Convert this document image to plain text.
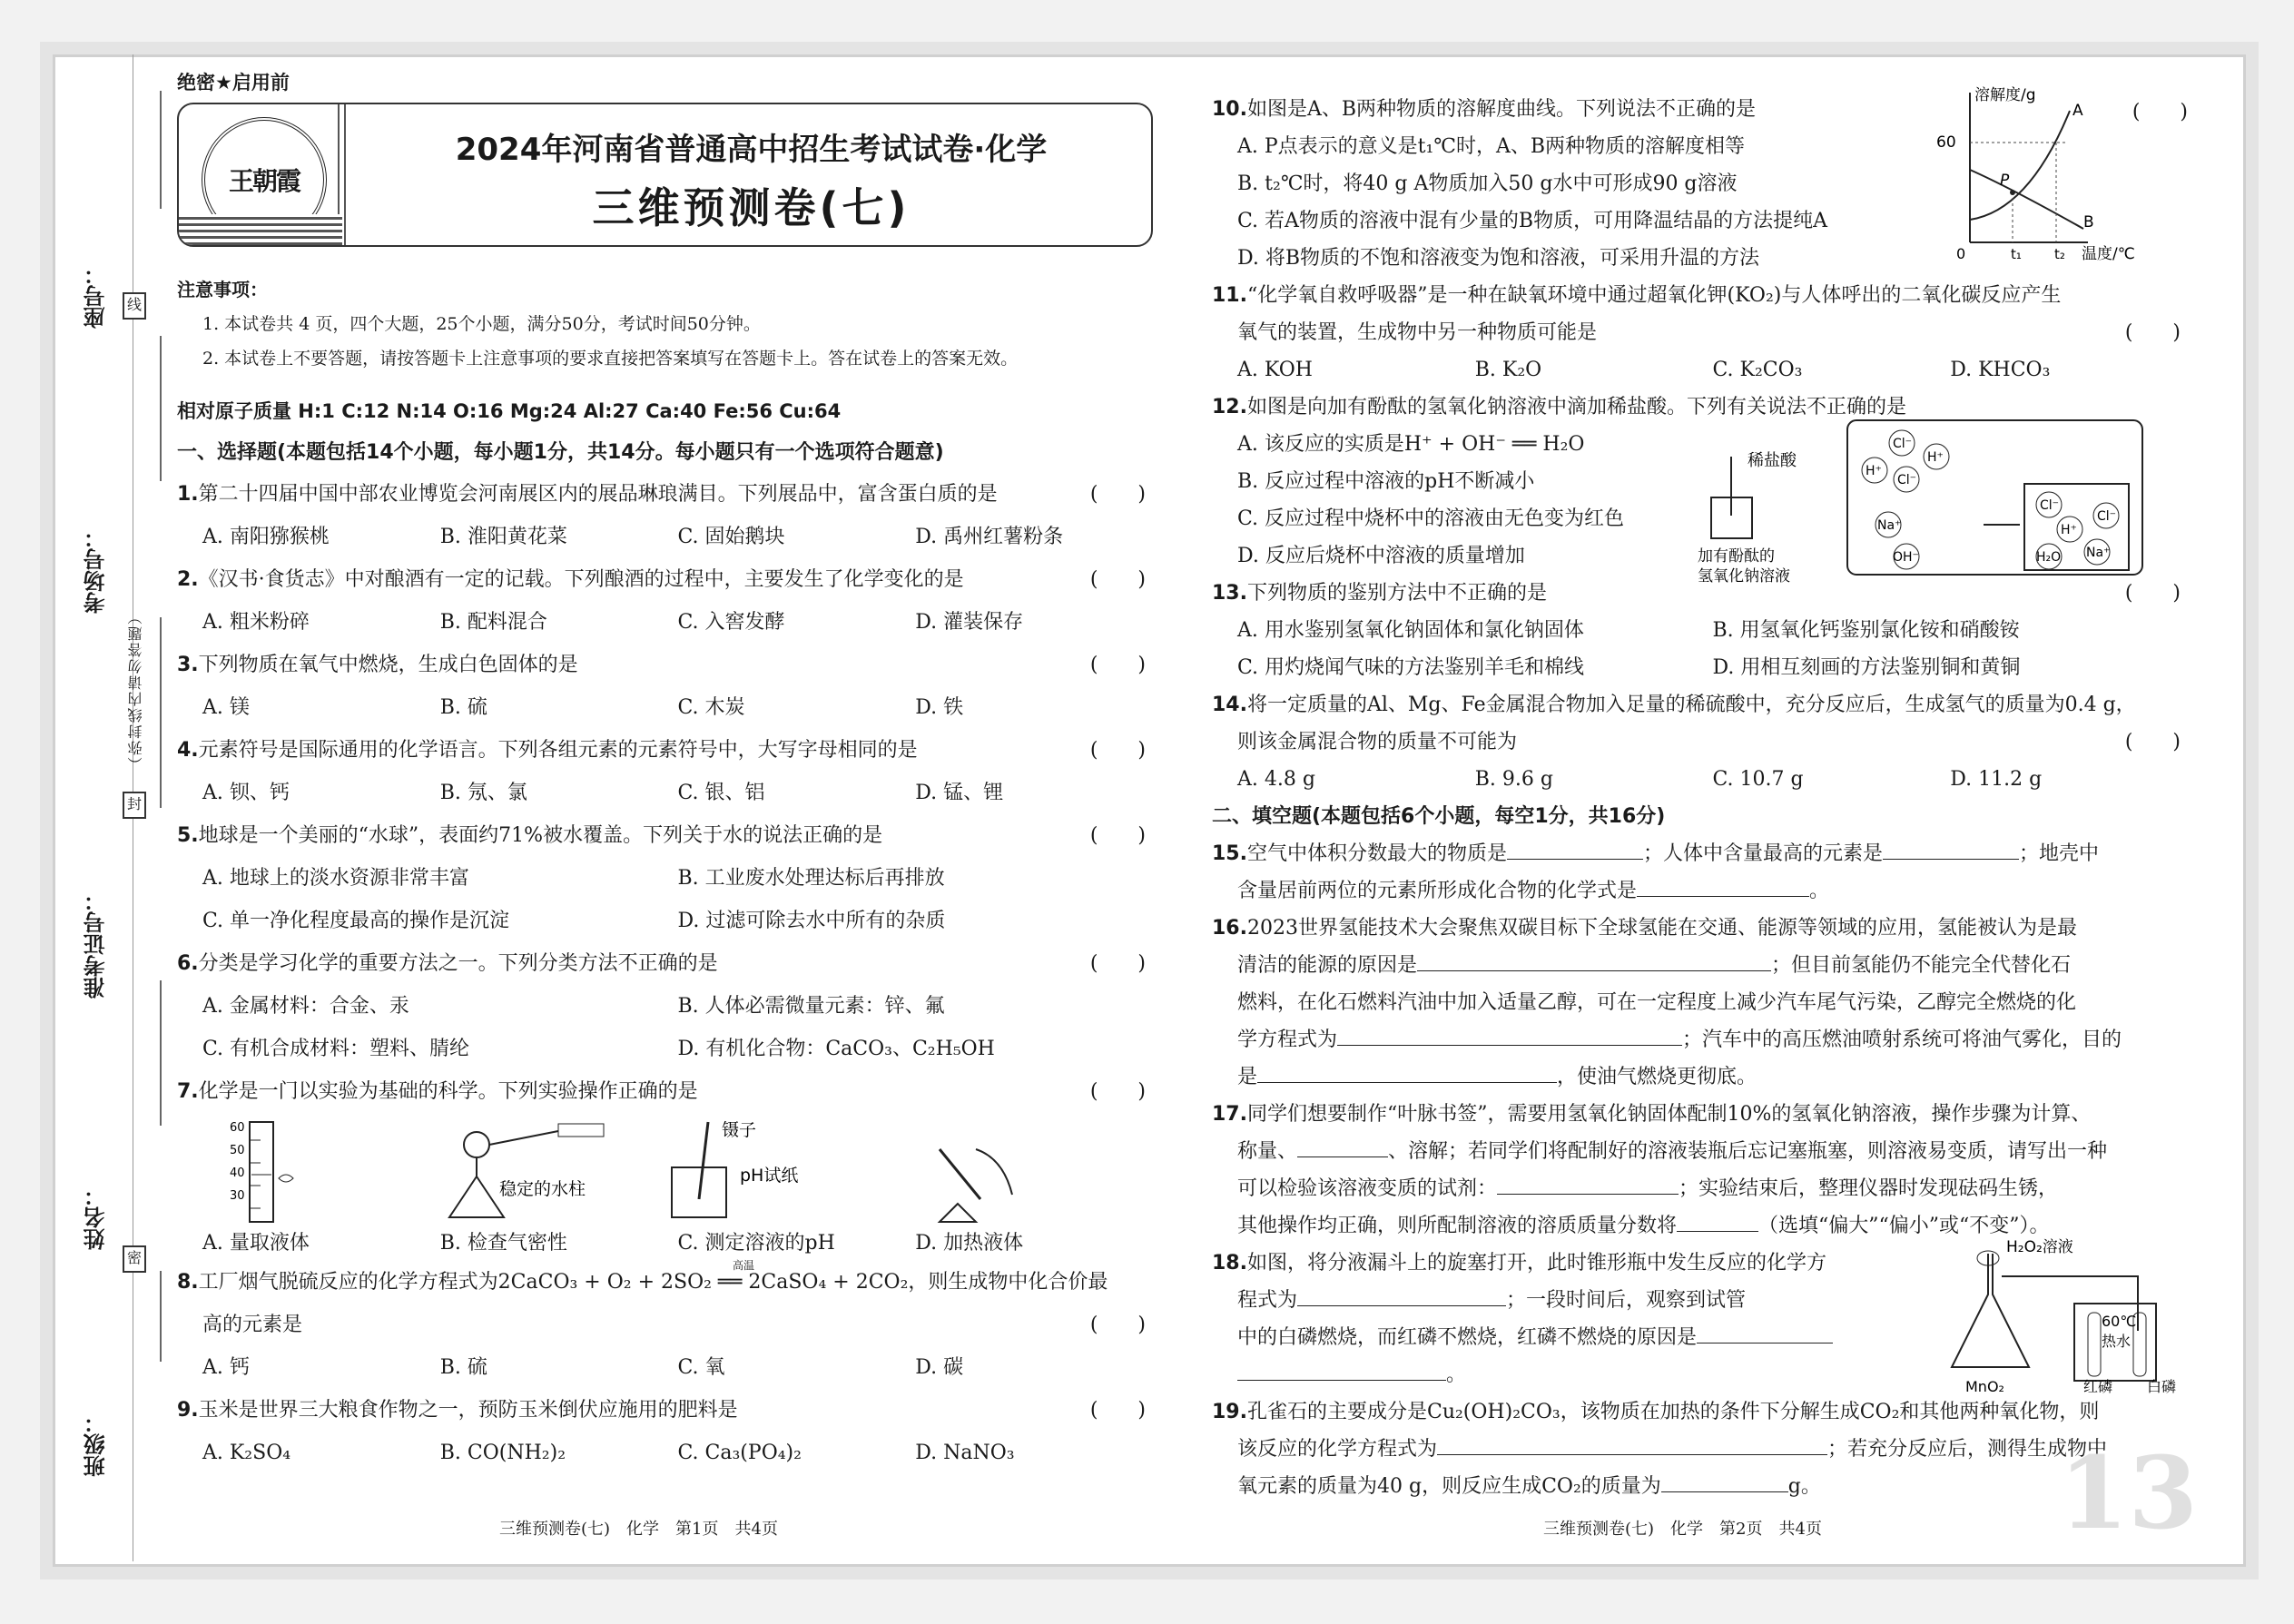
座号：
考场号：
准考证号：
姓名：
班级：
线
封
密
（弥封线内请勿答题）
绝密★启用前
王朝霞
2024年河南省普通高中招生考试试卷·化学
三维预测卷(七)

注意事项：

1. 本试卷共 4 页，四个大题，25个小题，满分50分，考试时间50分钟。

2. 本试卷上不要答题，请按答题卡上注意事项的要求直接把答案填写在答题卡上。答在试卷上的答案无效。

相对原子质量 H:1 C:12 N:14 O:16 Mg:24 Al:27 Ca:40 Fe:56 Cu:64

一、选择题(本题包括14个小题，每小题1分，共14分。每小题只有一个选项符合题意)

1.第二十四届中国中部农业博览会河南展区内的展品琳琅满目。下列展品中，富含蛋白质的是	(　　)

A. 南阳猕猴桃	B. 淮阳黄花菜	C. 固始鹅块	D. 禹州红薯粉条

2.《汉书·食货志》中对酿酒有一定的记载。下列酿酒的过程中，主要发生了化学变化的是	(　　)

A. 粗米粉碎	B. 配料混合	C. 入窖发酵	D. 灌装保存

3.下列物质在氧气中燃烧，生成白色固体的是	(　　)

A. 镁	B. 硫	C. 木炭	D. 铁

4.元素符号是国际通用的化学语言。下列各组元素的元素符号中，大写字母相同的是	(　　)

A. 钡、钙	B. 氖、氯	C. 银、铝	D. 锰、锂

5.地球是一个美丽的“水球”，表面约71%被水覆盖。下列关于水的说法正确的是	(　　)

A. 地球上的淡水资源非常丰富	B. 工业废水处理达标后再排放
C. 单一净化程度最高的操作是沉淀	D. 过滤可除去水中所有的杂质

6.分类是学习化学的重要方法之一。下列分类方法不正确的是	(　　)

A. 金属材料：合金、汞	B. 人体必需微量元素：锌、氟
C. 有机合成材料：塑料、腈纶	D. 有机化合物：CaCO₃、C₂H₅OH

7.化学是一门以实验为基础的科学。下列实验操作正确的是	(　　)

60
50
40
30	稳定的水柱
镊子
pH试纸
A. 量取液体	B. 检查气密性	C. 测定溶液的pH	D. 加热液体

8.工厂烟气脱硫反应的化学方程式为2CaCO₃ + O₂ + 2SO₂ ══ 2CaSO₄ + 2CO₂，则生成物中化合价最
高温

高的元素是	(　　)

A. 钙	B. 硫	C. 氧	D. 碳

9.玉米是世界三大粮食作物之一，预防玉米倒伏应施用的肥料是	(　　)

A. K₂SO₄	B. CO(NH₂)₂	C. Ca₃(PO₄)₂	D. NaNO₃
三维预测卷(七)　化学　第1页　共4页
(　　)
溶解度/g
60
A
B
P
0	t₁ t₂ 温度/℃

10.如图是A、B两种物质的溶解度曲线。下列说法不正确的是

A. P点表示的意义是t₁℃时，A、B两种物质的溶解度相等

B. t₂℃时，将40 g A物质加入50 g水中可形成90 g溶液

C. 若A物质的溶液中混有少量的B物质，可用降温结晶的方法提纯A

D. 将B物质的不饱和溶液变为饱和溶液，可采用升温的方法

11.“化学氧自救呼吸器”是一种在缺氧环境中通过超氧化钾(KO₂)与人体呼出的二氧化碳反应产生

氧气的装置，生成物中另一种物质可能是	(　　)

A. KOH	B. K₂O	C. K₂CO₃	D. KHCO₃

12.如图是向加有酚酞的氢氧化钠溶液中滴加稀盐酸。下列有关说法不正确的是

A. 该反应的实质是H⁺ + OH⁻ ══ H₂O

B. 反应过程中溶液的pH不断减小

C. 反应过程中烧杯中的溶液由无色变为红色

D. 反应后烧杯中溶液的质量增加

稀盐酸
加有酚酞的
氢氧化钠溶液
Cl⁻
H⁺
Cl⁻
H⁺
Na⁺
OH⁻
Cl⁻
H⁺
Cl⁻
H₂O Na⁺

13.下列物质的鉴别方法中不正确的是	(　　)

A. 用水鉴别氢氧化钠固体和氯化钠固体	B. 用氢氧化钙鉴别氯化铵和硝酸铵
C. 用灼烧闻气味的方法鉴别羊毛和棉线	D. 用相互刻画的方法鉴别铜和黄铜

14.将一定质量的Al、Mg、Fe金属混合物加入足量的稀硫酸中，充分反应后，生成氢气的质量为0.4 g，

则该金属混合物的质量不可能为	(　　)

A. 4.8 g	B. 9.6 g	C. 10.7 g	D. 11.2 g

二、填空题(本题包括6个小题，每空1分，共16分)

15.空气中体积分数最大的物质是	；人体中含量最高的元素是	；地壳中

含量居前两位的元素所形成化合物的化学式是	。

16.2023世界氢能技术大会聚焦双碳目标下全球氢能在交通、能源等领域的应用，氢能被认为是最

清洁的能源的原因是	；但目前氢能仍不能完全代替化石

燃料，在化石燃料汽油中加入适量乙醇，可在一定程度上减少汽车尾气污染，乙醇完全燃烧的化

学方程式为	；汽车中的高压燃油喷射系统可将油气雾化，目的

是	，使油气燃烧更彻底。

17.同学们想要制作“叶脉书签”，需要用氢氧化钠固体配制10%的氢氧化钠溶液，操作步骤为计算、

称量、	、溶解；若同学们将配制好的溶液装瓶后忘记塞瓶塞，则溶液易变质，请写出一种

可以检验该溶液变质的试剂：	；实验结束后，整理仪器时发现砝码生锈，

其他操作均正确，则所配制溶液的溶质质量分数将	（选填“偏大”“偏小”或“不变”）。

18.如图，将分液漏斗上的旋塞打开，此时锥形瓶中发生反应的化学方

程式为	；一段时间后，观察到试管

中的白磷燃烧，而红磷不燃烧，红磷不燃烧的原因是

。

H₂O₂溶液
60℃
热水
MnO₂	红磷 白磷

19.孔雀石的主要成分是Cu₂(OH)₂CO₃，该物质在加热的条件下分解生成CO₂和其他两种氧化物，则

该反应的化学方程式为	；若充分反应后，测得生成物中

氧元素的质量为40 g，则反应生成CO₂的质量为	g。

三维预测卷(七)　化学　第2页　共4页 13
